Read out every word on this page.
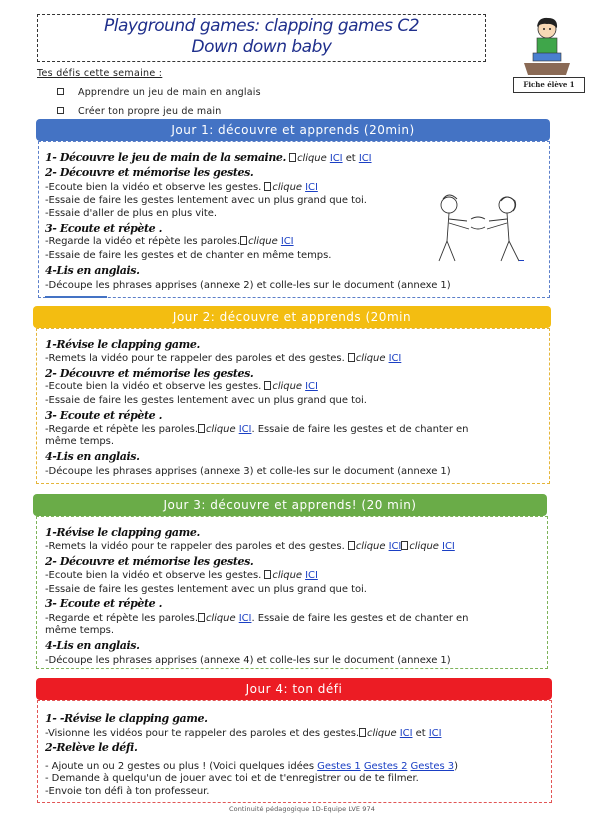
Playground games: clapping games C2
Down down baby
Fiche élève 1
Tes défis cette semaine :
Apprendre un jeu de main en anglais
Créer ton propre jeu de main
Jour 1: découvre et apprends (20min)
1- Découvre le jeu de main de la semaine. clique ICI et ICI
2- Découvre et mémorise les gestes.
-Ecoute bien la vidéo et observe les gestes. clique ICI
-Essaie de faire les gestes lentement avec un plus grand que toi.
-Essaie d'aller de plus en plus vite.
3- Ecoute et répète .
-Regarde la vidéo et répète les paroles. clique ICI
-Essaie de faire les gestes et de chanter en même temps.
4-Lis en anglais.
-Découpe les phrases apprises (annexe 2) et colle-les sur le document (annexe 1)
Jour 2: découvre et apprends (20min
1-Révise le clapping game.
-Remets la vidéo pour te rappeler des paroles et des gestes. clique ICI
2- Découvre et mémorise les gestes.
-Ecoute bien la vidéo et observe les gestes. clique ICI
-Essaie de faire les gestes lentement avec un plus grand que toi.
3- Ecoute et répète .
-Regarde et répète les paroles. clique ICI. Essaie de faire les gestes et de chanter en
même temps.
4-Lis en anglais.
-Découpe les phrases apprises (annexe 3) et colle-les sur le document (annexe 1)
Jour 3: découvre et apprends! (20 min)
1-Révise le clapping game.
-Remets la vidéo pour te rappeler des paroles et des gestes. clique ICI clique ICI
2- Découvre et mémorise les gestes.
-Ecoute bien la vidéo et observe les gestes. clique ICI
-Essaie de faire les gestes lentement avec un plus grand que toi.
3- Ecoute et répète .
-Regarde et répète les paroles. clique ICI. Essaie de faire les gestes et de chanter en
même temps.
4-Lis en anglais.
-Découpe les phrases apprises (annexe 4) et colle-les sur le document (annexe 1)
Jour 4: ton défi
1- -Révise le clapping game.
-Visionne les vidéos pour te rappeler des paroles et des gestes. clique ICI et ICI
2-Relève le défi.
- Ajoute un ou 2 gestes ou plus ! (Voici quelques idées Gestes 1 Gestes 2 Gestes 3)
- Demande à quelqu'un de jouer avec toi et de t'enregistrer ou de te filmer.
-Envoie ton défi à ton professeur.
Continuité pédagogique 1D-Equipe LVE 974
